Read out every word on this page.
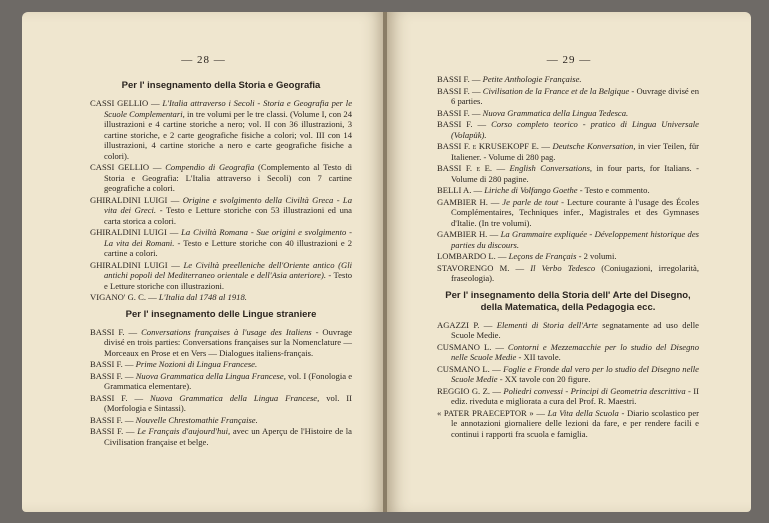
— 28 —
Per l' insegnamento della Storia e Geografia
CASSI GELLIO — L'Italia attraverso i Secoli - Storia e Geografia per le Scuole Complementari, in tre volumi per le tre classi. (Volume I, con 24 illustrazioni e 4 cartine storiche a nero; vol. II con 36 illustrazioni, 3 cartine storiche, e 2 carte geografiche fisiche a colori; vol. III con 14 illustrazioni, 4 cartine storiche a nero e carte geografiche fisiche a colori).
CASSI GELLIO — Compendio di Geografia (Complemento al Testo di Storia e Geografia: L'Italia attraverso i Secoli) con 7 cartine geografiche a colori.
GHIRALDINI LUIGI — Origine e svolgimento della Civiltà Greca - La vita dei Greci. - Testo e Letture storiche con 53 illustrazioni ed una carta storica a colori.
GHIRALDINI LUIGI — La Civiltà Romana - Sue origini e svolgimento - La vita dei Romani. - Testo e Letture storiche con 40 illustrazioni e 2 cartine a colori.
GHIRALDINI LUIGI — Le Civiltà preelleniche dell'Oriente antico (Gli antichi popoli del Mediterraneo orientale e dell'Asia anteriore). - Testo e Letture storiche con illustrazioni.
VIGANO' G. C. — L'Italia dal 1748 al 1918.
Per l' insegnamento delle Lingue straniere
BASSI F. — Conversations françaises à l'usage des Italiens - Ouvrage divisé en trois parties: Conversations françaises sur la Nomenclature — Morceaux en Prose et en Vers — Dialogues italiens-français.
BASSI F. — Prime Nozioni di Lingua Francese.
BASSI F. — Nuova Grammatica della Lingua Francese, vol. I (Fonologia e Grammatica elementare).
BASSI F. — Nuova Grammatica della Lingua Francese, vol. II (Morfologia e Sintassi).
BASSI F. — Nouvelle Chrestomathie Française.
BASSI F. — Le Français d'aujourd'hui, avec un Aperçu de l'Histoire de la Civilisation française et belge.
— 29 —
BASSI F. — Petite Anthologie Française.
BASSI F. — Civilisation de la France et de la Belgique - Ouvrage divisé en 6 parties.
BASSI F. — Nuova Grammatica della Lingua Tedesca.
BASSI F. — Corso completo teorico - pratico di Lingua Universale (Volapük).
BASSI F. e KRUSEKOPF E. — Deutsche Konversation, in vier Teilen, für Italiener. - Volume di 280 pag.
BASSI F. e E. — English Conversations, in four parts, for Italians. - Volume di 280 pagine.
BELLI A. — Liriche di Volfango Goethe - Testo e commento.
GAMBIER H. — Je parle de tout - Lecture courante à l'usage des Écoles Complémentaires, Techniques infer., Magistrales et des Gymnases d'Italie. (In tre volumi).
GAMBIER H. — La Grammaire expliquée - Développement historique des parties du discours.
LOMBARDO L. — Leçons de Français - 2 volumi.
STAVORENGO M. — Il Verbo Tedesco (Coniugazioni, irregolarità, fraseologia).
Per l' insegnamento della Storia dell' Arte del Disegno, della Matematica, della Pedagogia ecc.
AGAZZI P. — Elementi di Storia dell'Arte segnatamente ad uso delle Scuole Medie.
CUSMANO L. — Contorni e Mezzemacchie per lo studio del Disegno nelle Scuole Medie - XII tavole.
CUSMANO L. — Foglie e Fronde dal vero per lo studio del Disegno nelle Scuole Medie - XX tavole con 20 figure.
REGGIO G. Z. — Poliedri convessi - Principi di Geometria descrittiva - II ediz. riveduta e migliorata a cura del Prof. R. Maestri.
« PATER PRAECEPTOR » — La Vita della Scuola - Diario scolastico per le annotazioni giornaliere delle lezioni da fare, e per rendere facili e continui i rapporti fra scuola e famiglia.
